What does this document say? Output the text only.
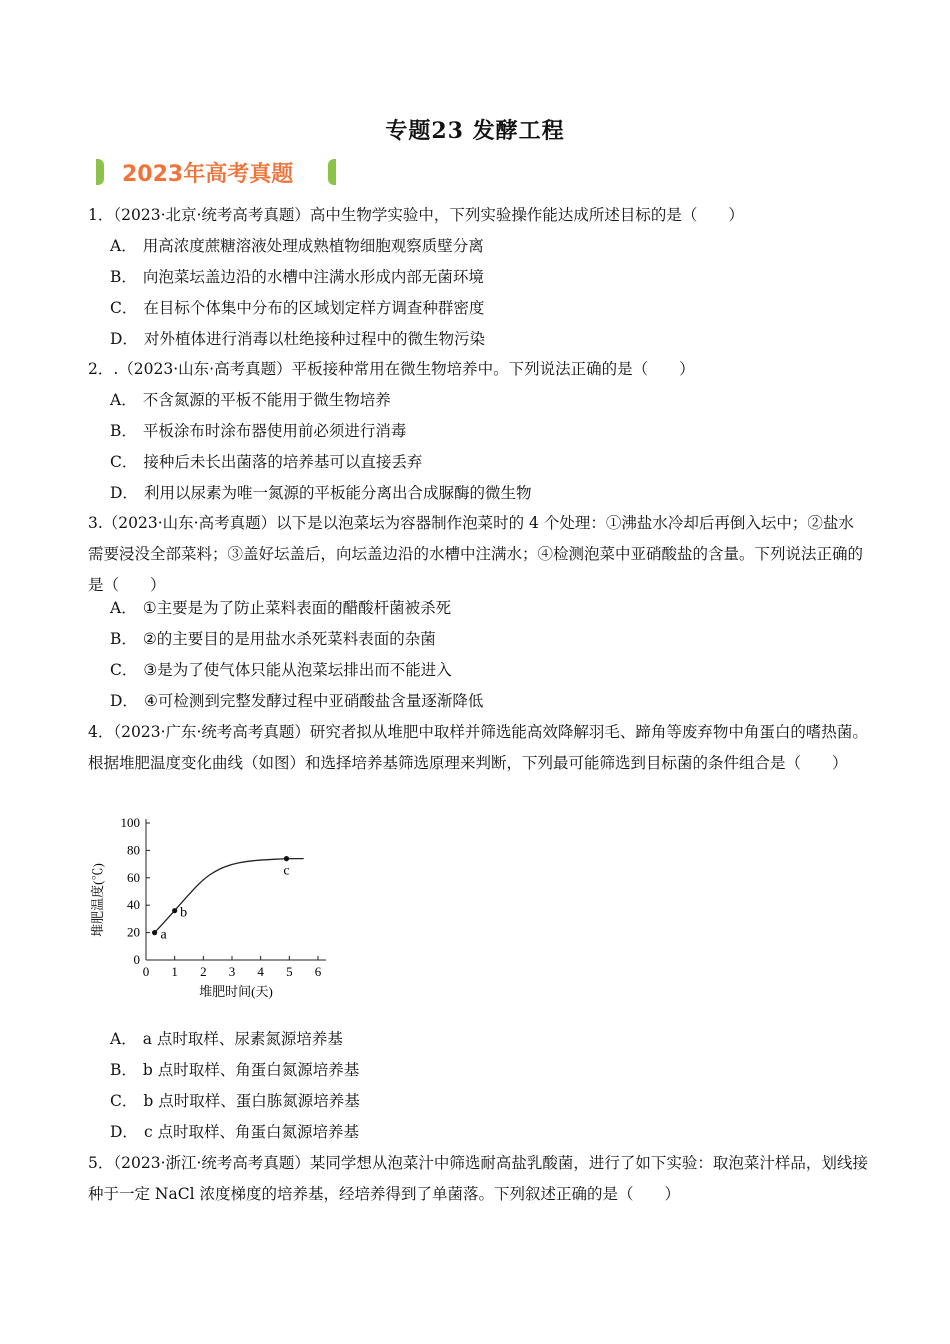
专题23 发酵工程
2023年高考真题
1．（2023·北京·统考高考真题）高中生物学实验中，下列实验操作能达成所述目标的是（　　）
A． 用高浓度蔗糖溶液处理成熟植物细胞观察质壁分离
B． 向泡菜坛盖边沿的水槽中注满水形成内部无菌环境
C． 在目标个体集中分布的区域划定样方调查种群密度
D． 对外植体进行消毒以杜绝接种过程中的微生物污染
2．.（2023·山东·高考真题）平板接种常用在微生物培养中。下列说法正确的是（　　）
A． 不含氮源的平板不能用于微生物培养
B． 平板涂布时涂布器使用前必须进行消毒
C． 接种后未长出菌落的培养基可以直接丢弃
D． 利用以尿素为唯一氮源的平板能分离出合成脲酶的微生物
3.（2023·山东·高考真题）以下是以泡菜坛为容器制作泡菜时的 4 个处理：①沸盐水冷却后再倒入坛中；②盐水需要浸没全部菜料；③盖好坛盖后，向坛盖边沿的水槽中注满水；④检测泡菜中亚硝酸盐的含量。下列说法正确的是（　　）
A． ①主要是为了防止菜料表面的醋酸杆菌被杀死
B． ②的主要目的是用盐水杀死菜料表面的杂菌
C． ③是为了使气体只能从泡菜坛排出而不能进入
D． ④可检测到完整发酵过程中亚硝酸盐含量逐渐降低
4．（2023·广东·统考高考真题）研究者拟从堆肥中取样并筛选能高效降解羽毛、蹄角等废弃物中角蛋白的嗜热菌。根据堆肥温度变化曲线（如图）和选择培养基筛选原理来判断，下列最可能筛选到目标菌的条件组合是（　　）
0 1 2 3 4 5 6
0
20
40
60
80
100
a
b
c
堆肥时间(天)
堆肥温度(℃)
A． a 点时取样、尿素氮源培养基
B． b 点时取样、角蛋白氮源培养基
C． b 点时取样、蛋白胨氮源培养基
D． c 点时取样、角蛋白氮源培养基
5．（2023·浙江·统考高考真题）某同学想从泡菜汁中筛选耐高盐乳酸菌，进行了如下实验：取泡菜汁样品，划线接种于一定 NaCl 浓度梯度的培养基，经培养得到了单菌落。下列叙述正确的是（　　）
